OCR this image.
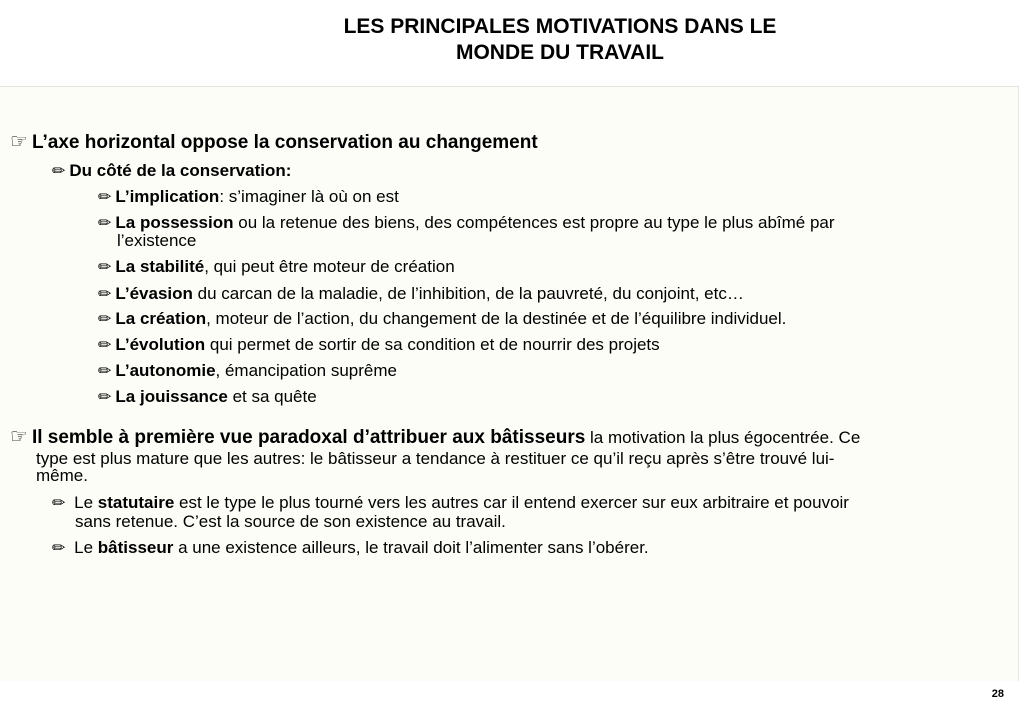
LES PRINCIPALES MOTIVATIONS DANS LE
MONDE DU TRAVAIL
☞ L’axe horizontal oppose la conservation au changement
✏ Du côté de la conservation:
✏ L’implication: s’imaginer là où on est
✏ La possession ou la retenue des biens, des compétences est propre au type le plus abîmé par
l’existence
✏ La stabilité, qui peut être moteur de création
✏ L’évasion du carcan de la maladie, de l’inhibition, de la pauvreté, du conjoint, etc…
✏ La création, moteur de l’action, du changement de la destinée et de l’équilibre individuel.
✏ L’évolution qui permet de sortir de sa condition et de nourrir des projets
✏ L’autonomie, émancipation suprême
✏ La jouissance et sa quête
☞ Il semble à première vue paradoxal d’attribuer aux bâtisseurs la motivation la plus égocentrée. Ce
type est plus mature que les autres: le bâtisseur a tendance à restituer ce qu’il reçu après s’être trouvé lui-
même.
✏ Le statutaire est le type le plus tourné vers les autres car il entend exercer sur eux arbitraire et pouvoir
sans retenue. C’est la source de son existence au travail.
✏ Le bâtisseur a une existence ailleurs, le travail doit l’alimenter sans l’obérer.
28
